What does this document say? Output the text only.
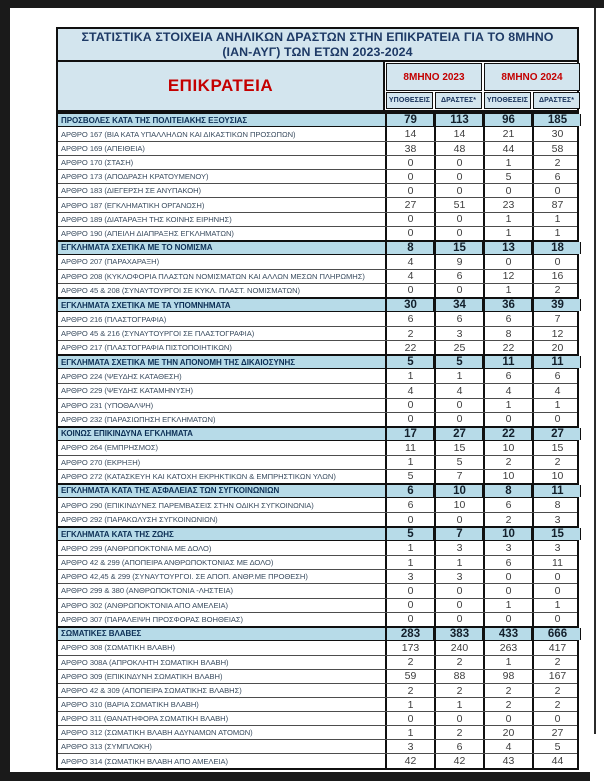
ΣΤΑΤΙΣΤΙΚΑ ΣΤΟΙΧΕΙΑ ΑΝΗΛΙΚΩΝ ΔΡΑΣΤΩΝ ΣΤΗΝ ΕΠΙΚΡΑΤΕΙΑ ΓΙΑ ΤΟ 8ΜΗΝΟ
(ΙΑΝ-ΑΥΓ) ΤΩΝ ΕΤΩΝ 2023-2024
ΕΠΙΚΡΑΤΕΙΑ	8ΜΗΝΟ 2023	8ΜΗΝΟ 2024
ΥΠΟΘΕΣΕΙΣ	ΔΡΑΣΤΕΣ*	ΥΠΟΘΕΣΕΙΣ	ΔΡΑΣΤΕΣ*
ΠΡΟΣΒΟΛΕΣ ΚΑΤΑ ΤΗΣ ΠΟΛΙΤΕΙΑΚΗΣ ΕΞΟΥΣΙΑΣ	79	113	96	185
ΑΡΘΡΟ 167 (ΒΙΑ ΚΑΤΑ ΥΠΑΛΛΗΛΩΝ ΚΑΙ ΔΙΚΑΣΤΙΚΩΝ ΠΡΟΣΩΠΩΝ)	14	14	21	30
ΑΡΘΡΟ 169 (ΑΠΕΙΘΕΙΑ)	38	48	44	58
ΑΡΘΡΟ 170 (ΣΤΑΣΗ)	0	0	1	2
ΑΡΘΡΟ 173 (ΑΠΟΔΡΑΣΗ ΚΡΑΤΟΥΜΕΝΟΥ)	0	0	5	6
ΑΡΘΡΟ 183 (ΔΙΕΓΕΡΣΗ ΣΕ ΑΝΥΠΑΚΟΗ)	0	0	0	0
ΑΡΘΡΟ 187 (ΕΓΚΛΗΜΑΤΙΚΗ ΟΡΓΑΝΩΣΗ)	27	51	23	87
ΑΡΘΡΟ 189 (ΔΙΑΤΑΡΑΞΗ ΤΗΣ ΚΟΙΝΗΣ ΕΙΡΗΝΗΣ)	0	0	1	1
ΑΡΘΡΟ 190 (ΑΠΕΙΛΗ ΔΙΑΠΡΑΞΗΣ ΕΓΚΛΗΜΑΤΩΝ)	0	0	1	1
ΕΓΚΛΗΜΑΤΑ ΣΧΕΤΙΚΑ ΜΕ ΤΟ ΝΟΜΙΣΜΑ	8	15	13	18
ΑΡΘΡΟ 207 (ΠΑΡΑΧΑΡΑΞΗ)	4	9	0	0
ΑΡΘΡΟ 208 (ΚΥΚΛΟΦΟΡΙΑ ΠΛΑΣΤΩΝ ΝΟΜΙΣΜΑΤΩΝ ΚΑΙ ΑΛΛΩΝ ΜΕΣΩΝ ΠΛΗΡΩΜΗΣ)	4	6	12	16
ΑΡΘΡΟ 45 & 208 (ΣΥΝΑΥΤΟΥΡΓΟΙ ΣΕ ΚΥΚΛ. ΠΛΑΣΤ. ΝΟΜΙΣΜΑΤΩΝ)	0	0	1	2
ΕΓΚΛΗΜΑΤΑ ΣΧΕΤΙΚΑ ΜΕ ΤΑ ΥΠΟΜΝΗΜΑΤΑ	30	34	36	39
ΑΡΘΡΟ 216 (ΠΛΑΣΤΟΓΡΑΦΙΑ)	6	6	6	7
ΑΡΘΡΟ 45 & 216 (ΣΥΝΑΥΤΟΥΡΓΟΙ ΣΕ ΠΛΑΣΤΟΓΡΑΦΙΑ)	2	3	8	12
ΑΡΘΡΟ 217 (ΠΛΑΣΤΟΓΡΑΦΙΑ ΠΙΣΤΟΠΟΙΗΤΙΚΩΝ)	22	25	22	20
ΕΓΚΛΗΜΑΤΑ ΣΧΕΤΙΚΑ ΜΕ ΤΗΝ ΑΠΟΝΟΜΗ ΤΗΣ ΔΙΚΑΙΟΣΥΝΗΣ	5	5	11	11
ΑΡΘΡΟ 224 (ΨΕΥΔΗΣ ΚΑΤΑΘΕΣΗ)	1	1	6	6
ΑΡΘΡΟ 229 (ΨΕΥΔΗΣ ΚΑΤΑΜΗΝΥΣΗ)	4	4	4	4
ΑΡΘΡΟ 231 (ΥΠΟΘΑΛΨΗ)	0	0	1	1
ΑΡΘΡΟ 232 (ΠΑΡΑΣΙΩΠΗΣΗ ΕΓΚΛΗΜΑΤΩΝ)	0	0	0	0
ΚΟΙΝΩΣ ΕΠΙΚΙΝΔΥΝΑ ΕΓΚΛΗΜΑΤΑ	17	27	22	27
ΑΡΘΡΟ 264 (ΕΜΠΡΗΣΜΟΣ)	11	15	10	15
ΑΡΘΡΟ 270 (ΕΚΡΗΞΗ)	1	5	2	2
ΑΡΘΡΟ 272 (ΚΑΤΑΣΚΕΥΗ ΚΑΙ ΚΑΤΟΧΗ ΕΚΡΗΚΤΙΚΩΝ & ΕΜΠΡΗΣΤΙΚΩΝ ΥΛΩΝ)	5	7	10	10
ΕΓΚΛΗΜΑΤΑ ΚΑΤΑ ΤΗΣ ΑΣΦΑΛΕΙΑΣ ΤΩΝ ΣΥΓΚΟΙΝΩΝΙΩΝ	6	10	8	11
ΑΡΘΡΟ 290 (ΕΠΙΚΙΝΔΥΝΕΣ ΠΑΡΕΜΒΑΣΕΙΣ ΣΤΗΝ ΟΔΙΚΗ ΣΥΓΚΟΙΝΩΝΙΑ)	6	10	6	8
ΑΡΘΡΟ 292 (ΠΑΡΑΚΩΛΥΣΗ ΣΥΓΚΟΙΝΩΝΙΩΝ)	0	0	2	3
ΕΓΚΛΗΜΑΤΑ ΚΑΤΑ ΤΗΣ ΖΩΗΣ	5	7	10	15
ΑΡΘΡΟ 299 (ΑΝΘΡΩΠΟΚΤΟΝΙΑ ΜΕ ΔΟΛΟ)	1	3	3	3
ΑΡΘΡΟ 42 & 299 (ΑΠΟΠΕΙΡΑ ΑΝΘΡΩΠΟΚΤΟΝΙΑΣ ΜΕ ΔΟΛΟ)	1	1	6	11
ΑΡΘΡΟ 42,45 & 299 (ΣΥΝΑΥΤΟΥΡΓΟΙ. ΣΕ ΑΠΟΠ. ΑΝΘΡ.ΜΕ ΠΡΟΘΕΣΗ)	3	3	0	0
ΑΡΘΡΟ 299 & 380 (ΑΝΘΡΩΠΟΚΤΟΝΙΑ -ΛΗΣΤΕΙΑ)	0	0	0	0
ΑΡΘΡΟ 302 (ΑΝΘΡΩΠΟΚΤΟΝΙΑ ΑΠΟ ΑΜΕΛΕΙΑ)	0	0	1	1
ΑΡΘΡΟ 307 (ΠΑΡΑΛΕΙΨΗ ΠΡΟΣΦΟΡΑΣ ΒΟΗΘΕΙΑΣ)	0	0	0	0
ΣΩΜΑΤΙΚΕΣ ΒΛΑΒΕΣ	283	383	433	666
ΑΡΘΡΟ 308 (ΣΩΜΑΤΙΚΗ ΒΛΑΒΗ)	173	240	263	417
ΑΡΘΡΟ 308Α (ΑΠΡΟΚΛΗΤΗ ΣΩΜΑΤΙΚΗ ΒΛΑΒΗ)	2	2	1	2
ΑΡΘΡΟ 309 (ΕΠΙΚΙΝΔΥΝΗ ΣΩΜΑΤΙΚΗ ΒΛΑΒΗ)	59	88	98	167
ΑΡΘΡΟ 42 & 309 (ΑΠΟΠΕΙΡΑ ΣΩΜΑΤΙΚΗΣ ΒΛΑΒΗΣ)	2	2	2	2
ΑΡΘΡΟ 310 (ΒΑΡΙΑ ΣΩΜΑΤΙΚΗ ΒΛΑΒΗ)	1	1	2	2
ΑΡΘΡΟ 311 (ΘΑΝΑΤΗΦΟΡΑ ΣΩΜΑΤΙΚΗ ΒΛΑΒΗ)	0	0	0	0
ΑΡΘΡΟ 312 (ΣΩΜΑΤΙΚΗ ΒΛΑΒΗ ΑΔΥΝΑΜΩΝ ΑΤΟΜΩΝ)	1	2	20	27
ΑΡΘΡΟ 313 (ΣΥΜΠΛΟΚΗ)	3	6	4	5
ΑΡΘΡΟ 314 (ΣΩΜΑΤΙΚΗ ΒΛΑΒΗ ΑΠΟ ΑΜΕΛΕΙΑ)	42	42	43	44
